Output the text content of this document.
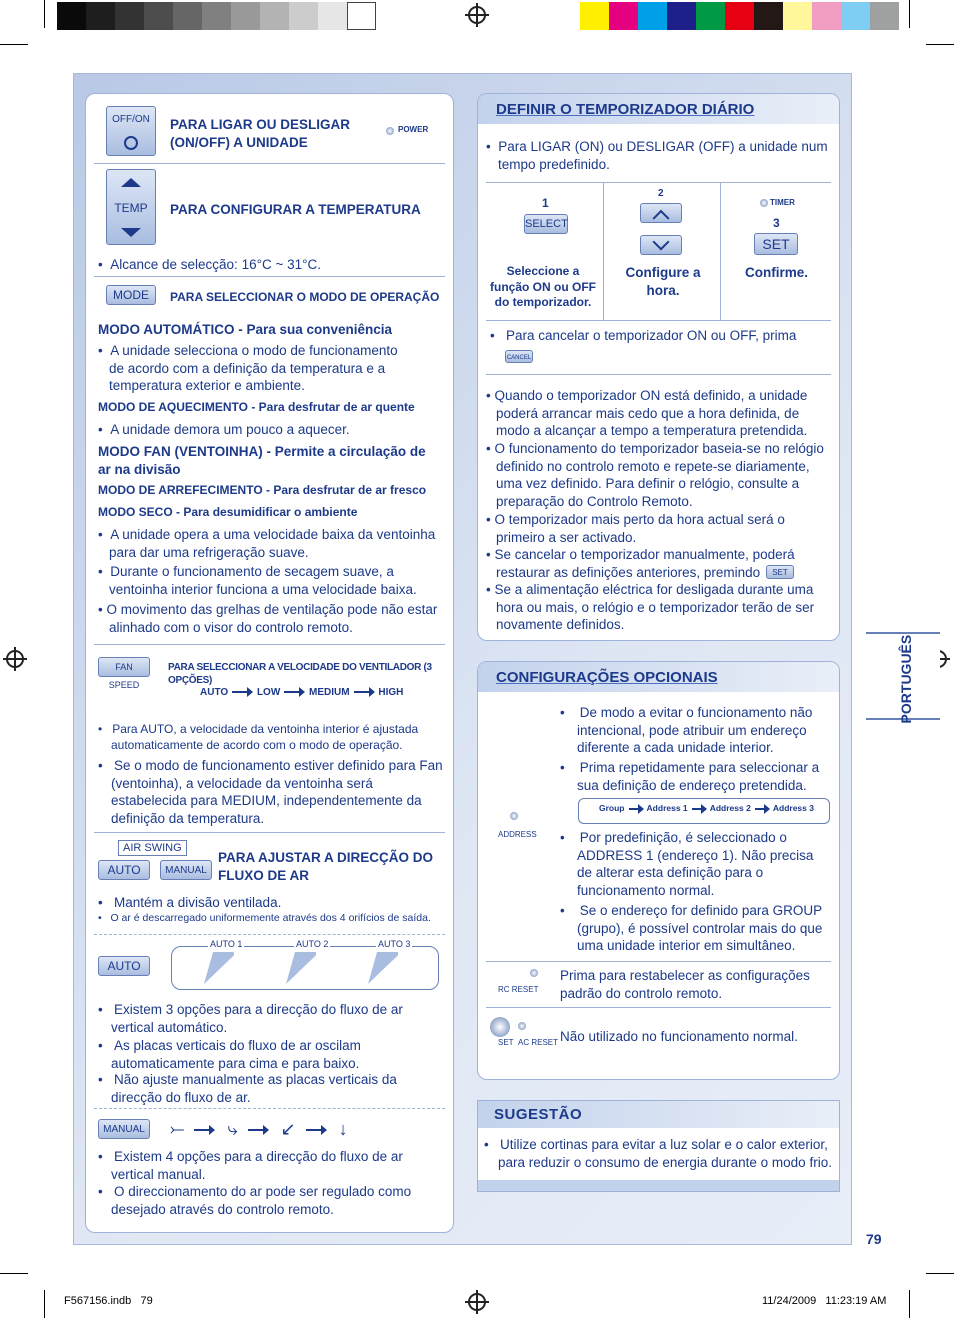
PORTUGUÊS
79
OFF/ON	PARA LIGAR OU DESLIGAR (ON/OFF) A UNIDADE
POWER
TEMP	PARA CONFIGURAR A TEMPERATURA
•  Alcance de selecção: 16°C ~ 31°C.
MODE	PARA SELECCIONAR O MODO DE OPERAÇÃO
MODO AUTOMÁTICO - Para sua conveniência
•  A unidade selecciona o modo de funcionamento de acordo com a definição da temperatura e a temperatura exterior e ambiente.
MODO DE AQUECIMENTO - Para desfrutar de ar quente
•  A unidade demora um pouco a aquecer.
MODO FAN (VENTOINHA) - Permite a circulação de ar na divisão
MODO DE ARREFECIMENTO - Para desfrutar de ar fresco
MODO SECO - Para desumidificar o ambiente
•  A unidade opera a uma velocidade baixa da ventoinha para dar uma refrigeração suave.
•  Durante o funcionamento de secagem suave, a ventoinha interior funciona a uma velocidade baixa.
• O movimento das grelhas de ventilação pode não estar alinhado com o visor do controlo remoto.
FAN SPEED
PARA SELECCIONAR A VELOCIDADE DO VENTILADOR (3 OPÇÕES)
AUTO	LOW	MEDIUM	HIGH
•   Para AUTO, a velocidade da ventoinha interior é ajustada automaticamente de acordo com o modo de operação.
•   Se o modo de funcionamento estiver definido para Fan (ventoinha), a velocidade da ventoinha será estabelecida para MEDIUM, independentemente da definição da temperatura.
AIR SWING
AUTO	MANUAL
PARA AJUSTAR A DIRECÇÃO DO FLUXO DE AR
•   Mantém a divisão ventilada.
•   O ar é descarregado uniformemente através dos 4 orifícios de saída.
AUTO
AUTO 1	AUTO 2	AUTO 3
•   Existem 3 opções para a direcção do fluxo de ar vertical automático.
•   As placas verticais do fluxo de ar oscilam automaticamente para cima e para baixo.
•   Não ajuste manualmente as placas verticais da direcção do fluxo de ar.
MANUAL ⤚ ⤷ ↙ ↓
•   Existem 4 opções para a direcção do fluxo de ar vertical manual.
•   O direccionamento do ar pode ser regulado como desejado através do controlo remoto.
DEFINIR O TEMPORIZADOR DIÁRIO
•  Para LIGAR (ON) ou DESLIGAR (OFF) a unidade num tempo predefinido.
1
SELECT
Seleccione a função ON ou OFF do temporizador.
2
Configure a hora.
TIMER
3
SET
Confirme.
•   Para cancelar o temporizador ON ou OFF, prima
CANCEL
• Quando o temporizador ON está definido, a unidade poderá arrancar mais cedo que a hora definida, de modo a alcançar a tempo a temperatura pretendida.
• O funcionamento do temporizador baseia-se no relógio definido no controlo remoto e repete-se diariamente, uma vez definido. Para definir o relógio, consulte a preparação do Controlo Remoto.
• O temporizador mais perto da hora actual será o primeiro a ser activado.
• Se cancelar o temporizador manualmente, poderá restaurar as definições anteriores, premindo	SET
• Se a alimentação eléctrica for desligada durante uma hora ou mais, o relógio e o temporizador terão de ser novamente definidos.
CONFIGURAÇÕES OPCIONAIS
ADDRESS
•    De modo a evitar o funcionamento não intencional, pode atribuir um endereço diferente a cada unidade interior.
•    Prima repetidamente para seleccionar a sua definição de endereço pretendida.
Group	Address 1	Address 2	Address 3
•    Por predefinição, é seleccionado o ADDRESS 1 (endereço 1). Não precisa de alterar esta definição para o funcionamento normal.
•    Se o endereço for definido para GROUP (grupo), é possível controlar mais do que uma unidade interior em simultâneo.
RC RESET
Prima para restabelecer as configurações padrão do controlo remoto.
SET AC RESET Não utilizado no funcionamento normal.
SUGESTÃO
•   Utilize cortinas para evitar a luz solar e o calor exterior, para reduzir o consumo de energia durante o modo frio.
F567156.indb   79	11/24/2009   11:23:19 AM
